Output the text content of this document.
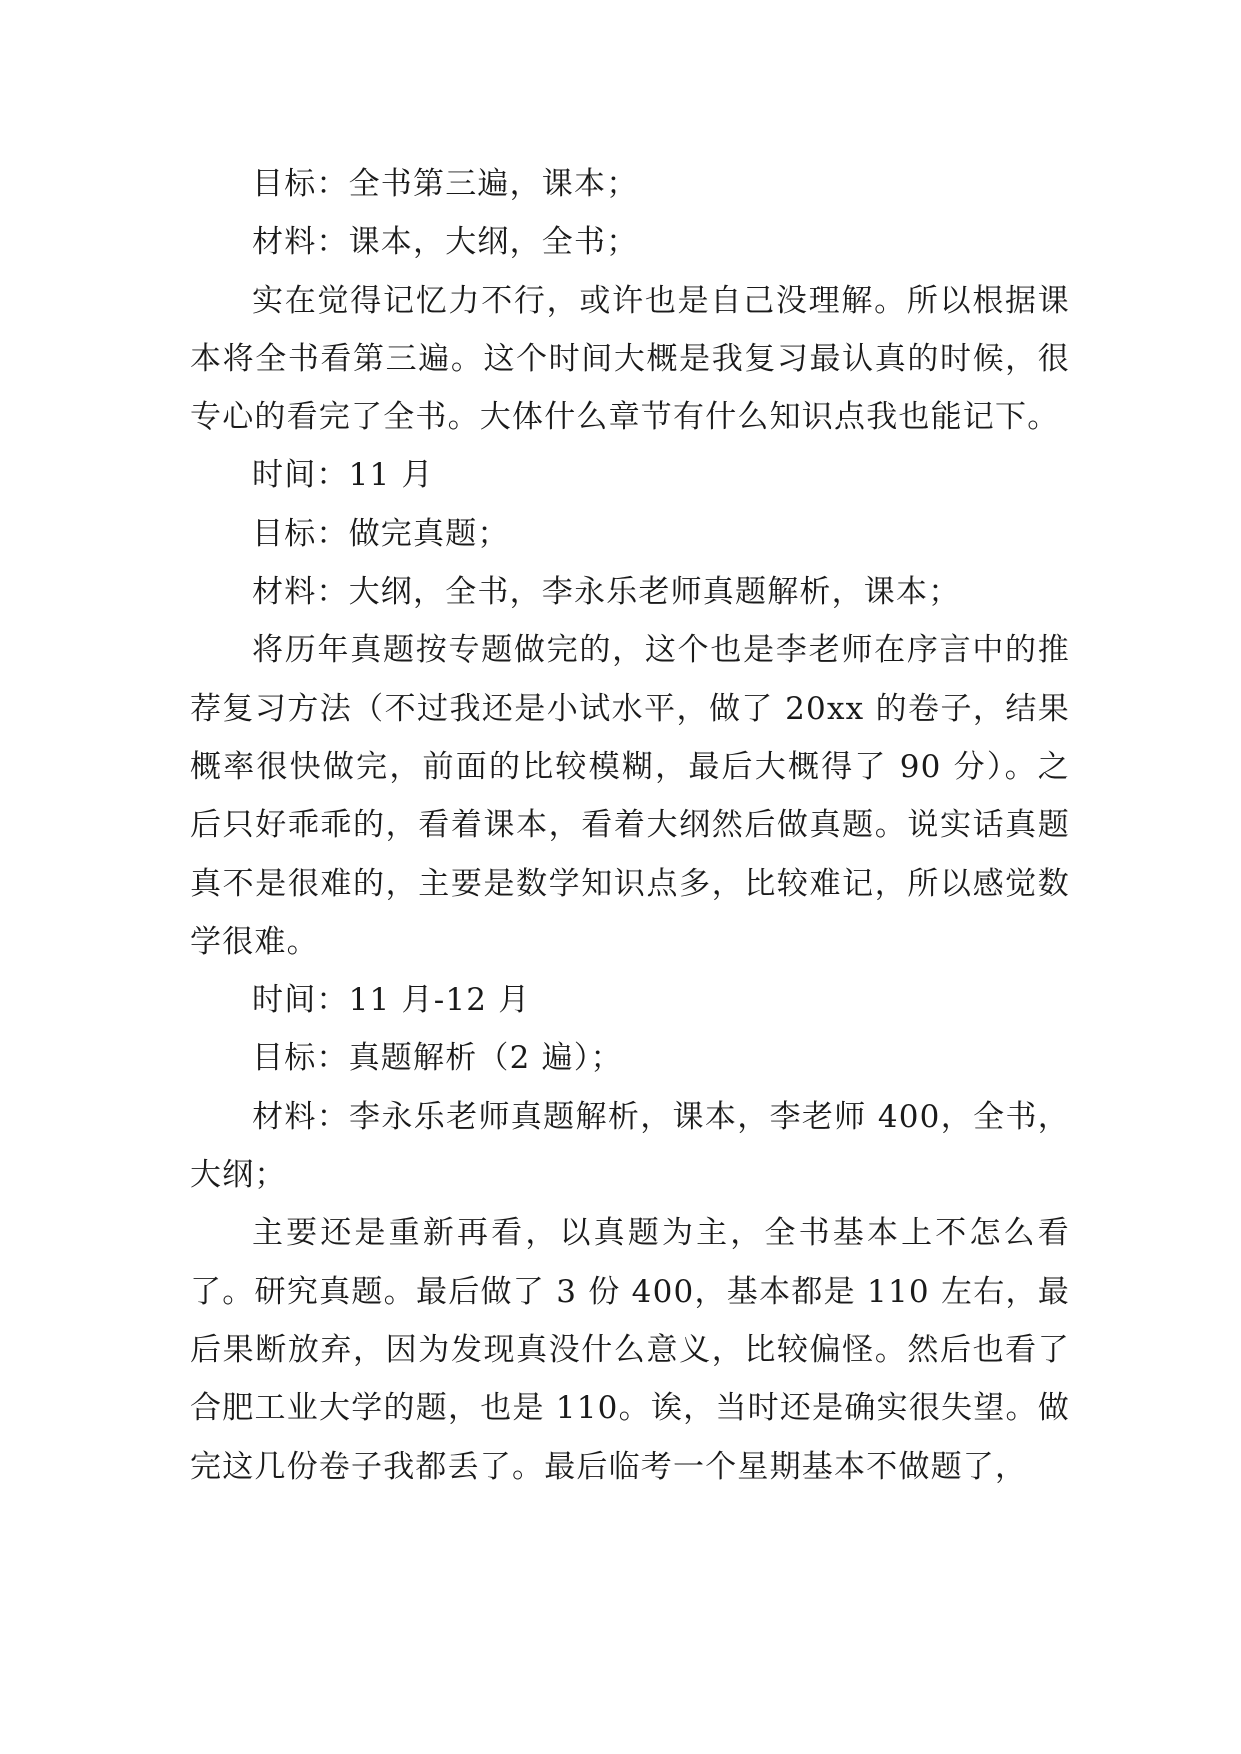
目标：全书第三遍，课本；

材料：课本，大纲，全书；

实在觉得记忆力不行，或许也是自己没理解。所以根据课本将全书看第三遍。这个时间大概是我复习最认真的时候，很专心的看完了全书。大体什么章节有什么知识点我也能记下。

时间：11 月

目标：做完真题；

材料：大纲，全书，李永乐老师真题解析，课本；

将历年真题按专题做完的，这个也是李老师在序言中的推荐复习方法（不过我还是小试水平，做了 20xx 的卷子，结果概率很快做完，前面的比较模糊，最后大概得了 90 分）。之后只好乖乖的，看着课本，看着大纲然后做真题。说实话真题真不是很难的，主要是数学知识点多，比较难记，所以感觉数学很难。

时间：11 月-12 月

目标：真题解析（2 遍）；

材料：李永乐老师真题解析，课本，李老师 400，全书，大纲；

主要还是重新再看，以真题为主，全书基本上不怎么看了。研究真题。最后做了 3 份 400，基本都是 110 左右，最后果断放弃，因为发现真没什么意义，比较偏怪。然后也看了合肥工业大学的题，也是 110。诶，当时还是确实很失望。做完这几份卷子我都丢了。最后临考一个星期基本不做题了，
